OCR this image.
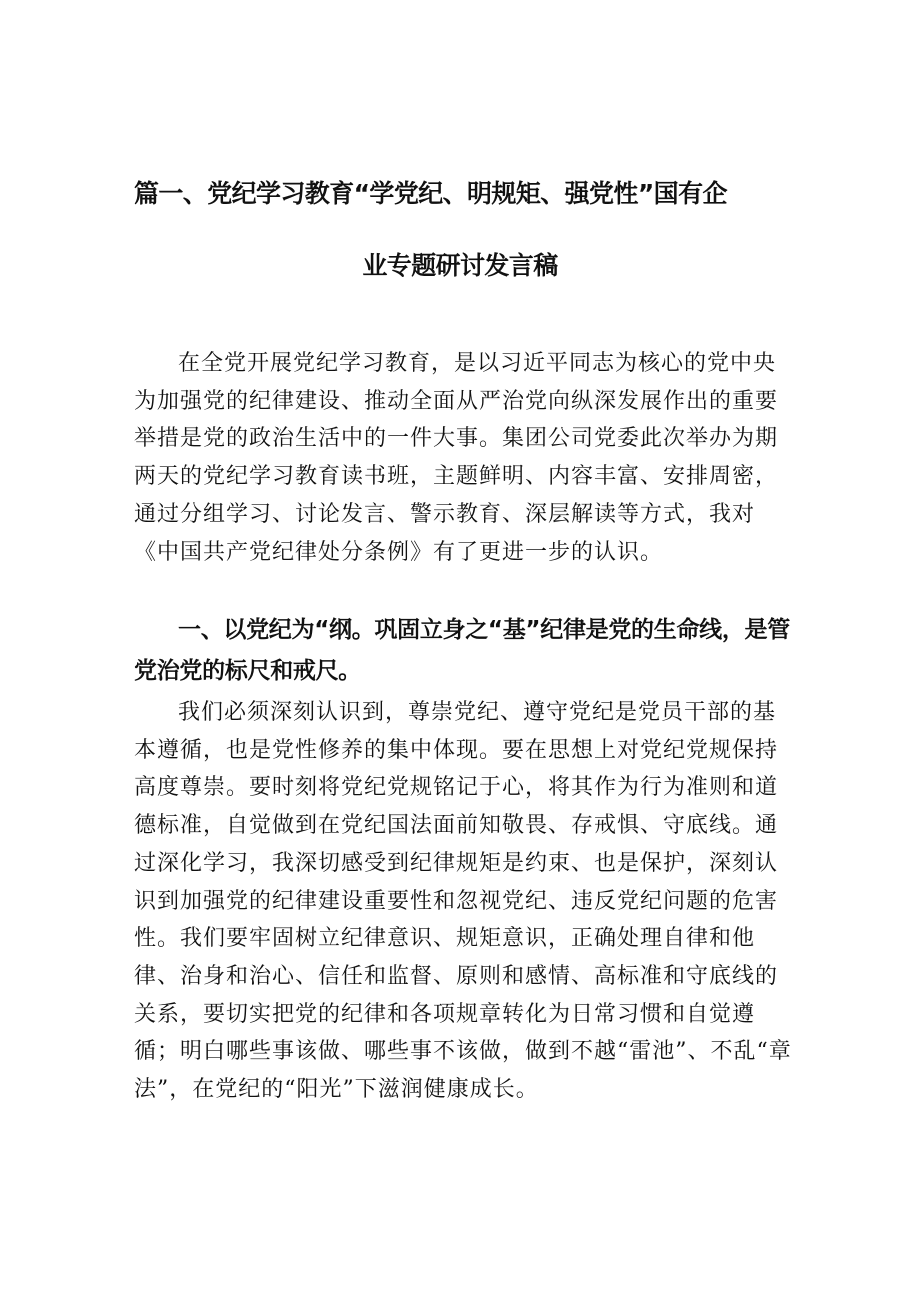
篇一、党纪学习教育“学党纪、明规矩、强党性”国有企
业专题研讨发言稿

在全党开展党纪学习教育，是以习近平同志为核心的党中央为加强党的纪律建设、推动全面从严治党向纵深发展作出的重要举措是党的政治生活中的一件大事。集团公司党委此次举办为期两天的党纪学习教育读书班，主题鲜明、内容丰富、安排周密，通过分组学习、讨论发言、警示教育、深层解读等方式，我对《中国共产党纪律处分条例》有了更进一步的认识。

一、以党纪为“纲。巩固立身之“基”纪律是党的生命线，是管党治党的标尺和戒尺。

我们必须深刻认识到，尊崇党纪、遵守党纪是党员干部的基本遵循，也是党性修养的集中体现。要在思想上对党纪党规保持高度尊崇。要时刻将党纪党规铭记于心，将其作为行为准则和道德标准，自觉做到在党纪国法面前知敬畏、存戒惧、守底线。通过深化学习，我深切感受到纪律规矩是约束、也是保护，深刻认识到加强党的纪律建设重要性和忽视党纪、违反党纪问题的危害性。我们要牢固树立纪律意识、规矩意识，正确处理自律和他律、治身和治心、信任和监督、原则和感情、高标准和守底线的关系，要切实把党的纪律和各项规章转化为日常习惯和自觉遵循；明白哪些事该做、哪些事不该做，做到不越“雷池”、不乱“章法”，在党纪的“阳光”下滋润健康成长。
